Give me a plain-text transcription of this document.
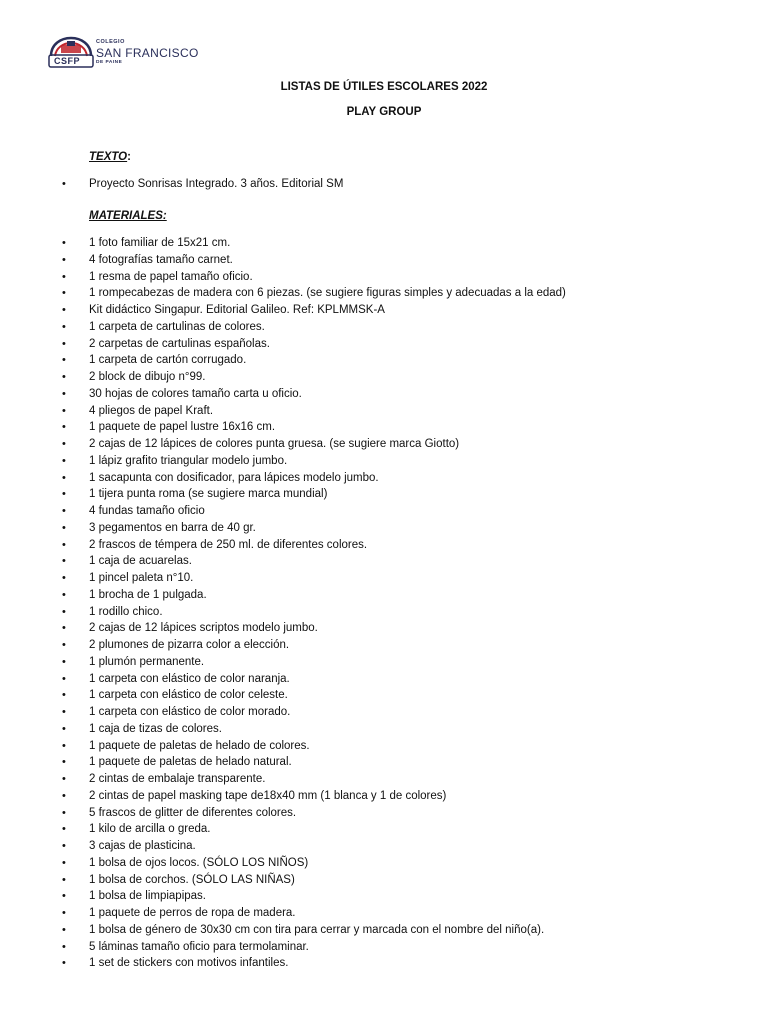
CSFP
COLEGIO
SAN FRANCISCO
DE PAINE
LISTAS DE ÚTILES ESCOLARES 2022
PLAY GROUP
TEXTO:
• Proyecto Sonrisas Integrado. 3 años. Editorial SM
MATERIALES:
• 1 foto familiar de 15x21 cm.
• 4 fotografías tamaño carnet.
• 1 resma de papel tamaño oficio.
• 1 rompecabezas de madera con 6 piezas. (se sugiere figuras simples y adecuadas a la edad)
• Kit didáctico Singapur. Editorial Galileo. Ref: KPLMMSK-A
• 1 carpeta de cartulinas de colores.
• 2 carpetas de cartulinas españolas.
• 1 carpeta de cartón corrugado.
• 2 block de dibujo n°99.
• 30 hojas de colores tamaño carta u oficio.
• 4 pliegos de papel Kraft.
• 1 paquete de papel lustre 16x16 cm.
• 2 cajas de 12 lápices de colores punta gruesa. (se sugiere marca Giotto)
• 1 lápiz grafito triangular modelo jumbo.
• 1 sacapunta con dosificador, para lápices modelo jumbo.
• 1 tijera punta roma (se sugiere marca mundial)
• 4 fundas tamaño oficio
• 3 pegamentos en barra de 40 gr.
• 2 frascos de témpera de 250 ml. de diferentes colores.
• 1 caja de acuarelas.
• 1 pincel paleta n°10.
• 1 brocha de 1 pulgada.
• 1 rodillo chico.
• 2 cajas de 12 lápices scriptos modelo jumbo.
• 2 plumones de pizarra color a elección.
• 1 plumón permanente.
• 1 carpeta con elástico de color naranja.
• 1 carpeta con elástico de color celeste.
• 1 carpeta con elástico de color morado.
• 1 caja de tizas de colores.
• 1 paquete de paletas de helado de colores.
• 1 paquete de paletas de helado natural.
• 2 cintas de embalaje transparente.
• 2 cintas de papel masking tape de18x40 mm (1 blanca y 1 de colores)
• 5 frascos de glitter de diferentes colores.
• 1 kilo de arcilla o greda.
• 3 cajas de plasticina.
• 1 bolsa de ojos locos. (SÓLO LOS NIÑOS)
• 1 bolsa de corchos. (SÓLO LAS NIÑAS)
• 1 bolsa de limpiapipas.
• 1 paquete de perros de ropa de madera.
• 1 bolsa de género de 30x30 cm con tira para cerrar y marcada con el nombre del niño(a).
• 5 láminas tamaño oficio para termolaminar.
• 1 set de stickers con motivos infantiles.
